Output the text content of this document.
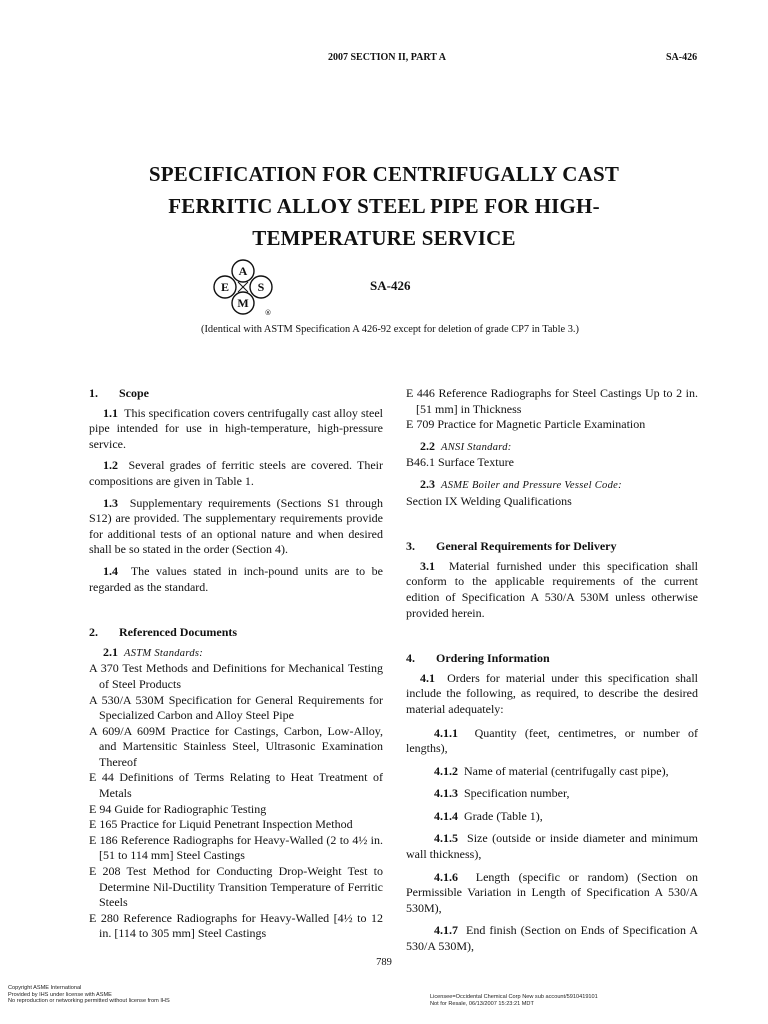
2007 SECTION II, PART A	SA-426
SPECIFICATION FOR CENTRIFUGALLY CAST
FERRITIC ALLOY STEEL PIPE FOR HIGH-
TEMPERATURE SERVICE
A
E S
M
®
SA-426
(Identical with ASTM Specification A 426-92 except for deletion of grade CP7 in Table 3.)
1. Scope

1.1 This specification covers centrifugally cast alloy steel pipe intended for use in high-temperature, high-pressure service.

1.2 Several grades of ferritic steels are covered. Their compositions are given in Table 1.

1.3 Supplementary requirements (Sections S1 through S12) are provided. The supplementary requirements provide for additional tests of an optional nature and when desired shall be so stated in the order (Section 4).

1.4 The values stated in inch-pound units are to be regarded as the standard.

2. Referenced Documents

2.1 ASTM Standards:

A 370 Test Methods and Definitions for Mechanical Testing of Steel Products

A 530/A 530M Specification for General Requirements for Specialized Carbon and Alloy Steel Pipe

A 609/A 609M Practice for Castings, Carbon, Low-Alloy, and Martensitic Stainless Steel, Ultrasonic Examination Thereof

E 44 Definitions of Terms Relating to Heat Treatment of Metals

E 94 Guide for Radiographic Testing

E 165 Practice for Liquid Penetrant Inspection Method

E 186 Reference Radiographs for Heavy-Walled (2 to 4½ in. [51 to 114 mm] Steel Castings

E 208 Test Method for Conducting Drop-Weight Test to Determine Nil-Ductility Transition Temperature of Ferritic Steels

E 280 Reference Radiographs for Heavy-Walled [4½ to 12 in. [114 to 305 mm] Steel Castings

E 446 Reference Radiographs for Steel Castings Up to 2 in. [51 mm] in Thickness

E 709 Practice for Magnetic Particle Examination

2.2 ANSI Standard:

B46.1 Surface Texture

2.3 ASME Boiler and Pressure Vessel Code:

Section IX Welding Qualifications

3. General Requirements for Delivery

3.1 Material furnished under this specification shall conform to the applicable requirements of the current edition of Specification A 530/A 530M unless otherwise provided herein.

4. Ordering Information

4.1 Orders for material under this specification shall include the following, as required, to describe the desired material adequately:

4.1.1 Quantity (feet, centimetres, or number of lengths),

4.1.2 Name of material (centrifugally cast pipe),

4.1.3 Specification number,

4.1.4 Grade (Table 1),

4.1.5 Size (outside or inside diameter and minimum wall thickness),

4.1.6 Length (specific or random) (Section on Permissible Variation in Length of Specification A 530/A 530M),

4.1.7 End finish (Section on Ends of Specification A 530/A 530M),

789
Copyright ASME International
Provided by IHS under license with ASME
No reproduction or networking permitted without license from IHS
Licensee=Occidental Chemical Corp New sub account/5910419101
Not for Resale, 06/13/2007 15:23:21 MDT
